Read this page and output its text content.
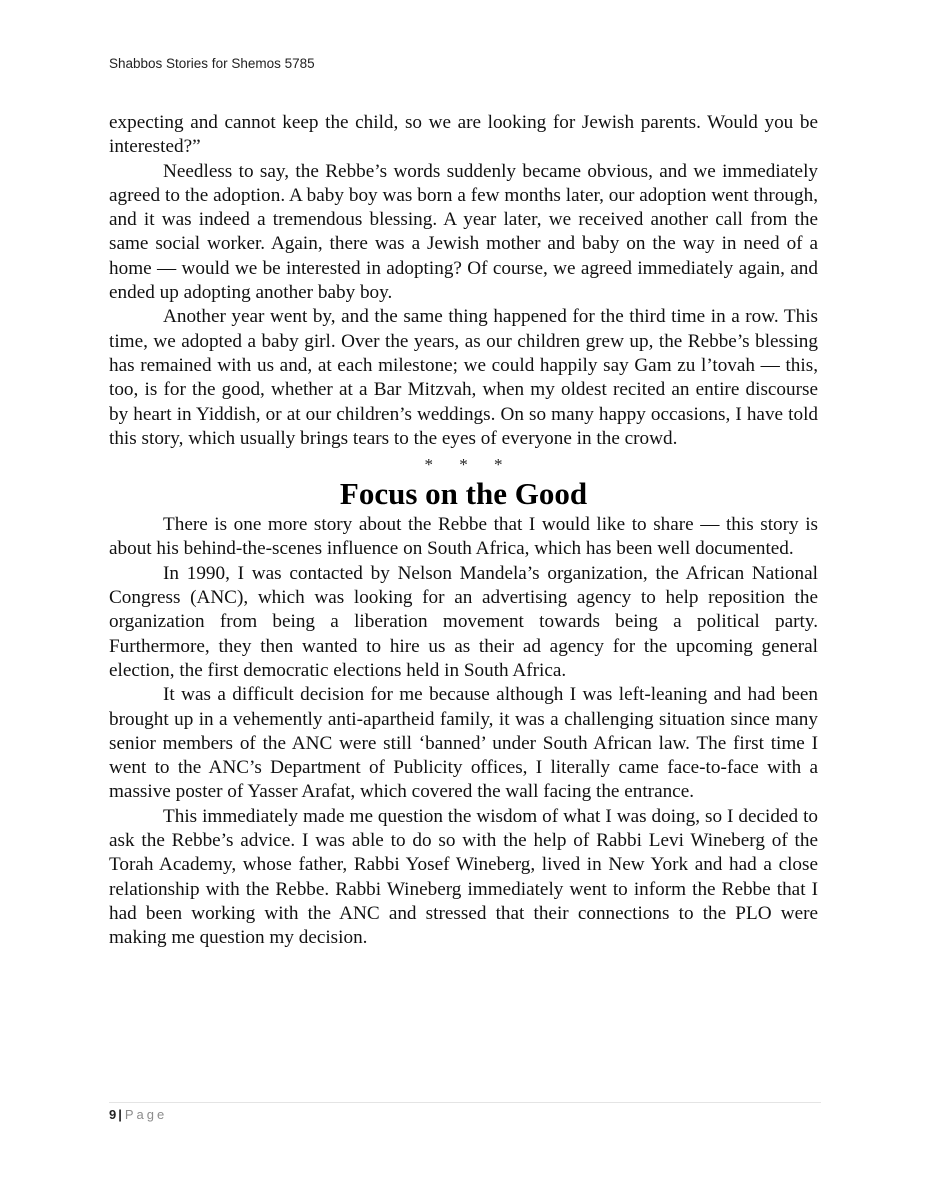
Shabbos Stories for Shemos 5785

expecting and cannot keep the child, so we are looking for Jewish parents. Would you be interested?”

Needless to say, the Rebbe’s words suddenly became obvious, and we immediately agreed to the adoption. A baby boy was born a few months later, our adoption went through, and it was indeed a tremendous blessing. A year later, we received another call from the same social worker. Again, there was a Jewish mother and baby on the way in need of a home — would we be interested in adopting? Of course, we agreed immediately again, and ended up adopting another baby boy.

Another year went by, and the same thing happened for the third time in a row. This time, we adopted a baby girl. Over the years, as our children grew up, the Rebbe’s blessing has remained with us and, at each milestone; we could happily say Gam zu l’tovah — this, too, is for the good, whether at a Bar Mitzvah, when my oldest recited an entire discourse by heart in Yiddish, or at our children’s weddings. On so many happy occasions, I have told this story, which usually brings tears to the eyes of everyone in the crowd.

* * *
Focus on the Good

There is one more story about the Rebbe that I would like to share — this story is about his behind-the-scenes influence on South Africa, which has been well documented.

In 1990, I was contacted by Nelson Mandela’s organization, the African National Congress (ANC), which was looking for an advertising agency to help reposition the organization from being a liberation movement towards being a political party. Furthermore, they then wanted to hire us as their ad agency for the upcoming general election, the first democratic elections held in South Africa.

It was a difficult decision for me because although I was left-leaning and had been brought up in a vehemently anti-apartheid family, it was a challenging situation since many senior members of the ANC were still ‘banned’ under South African law. The first time I went to the ANC’s Department of Publicity offices, I literally came face-to-face with a massive poster of Yasser Arafat, which covered the wall facing the entrance.

This immediately made me question the wisdom of what I was doing, so I decided to ask the Rebbe’s advice. I was able to do so with the help of Rabbi Levi Wineberg of the Torah Academy, whose father, Rabbi Yosef Wineberg, lived in New York and had a close relationship with the Rebbe. Rabbi Wineberg immediately went to inform the Rebbe that I had been working with the ANC and stressed that their connections to the PLO were making me question my decision.

9 | Page
